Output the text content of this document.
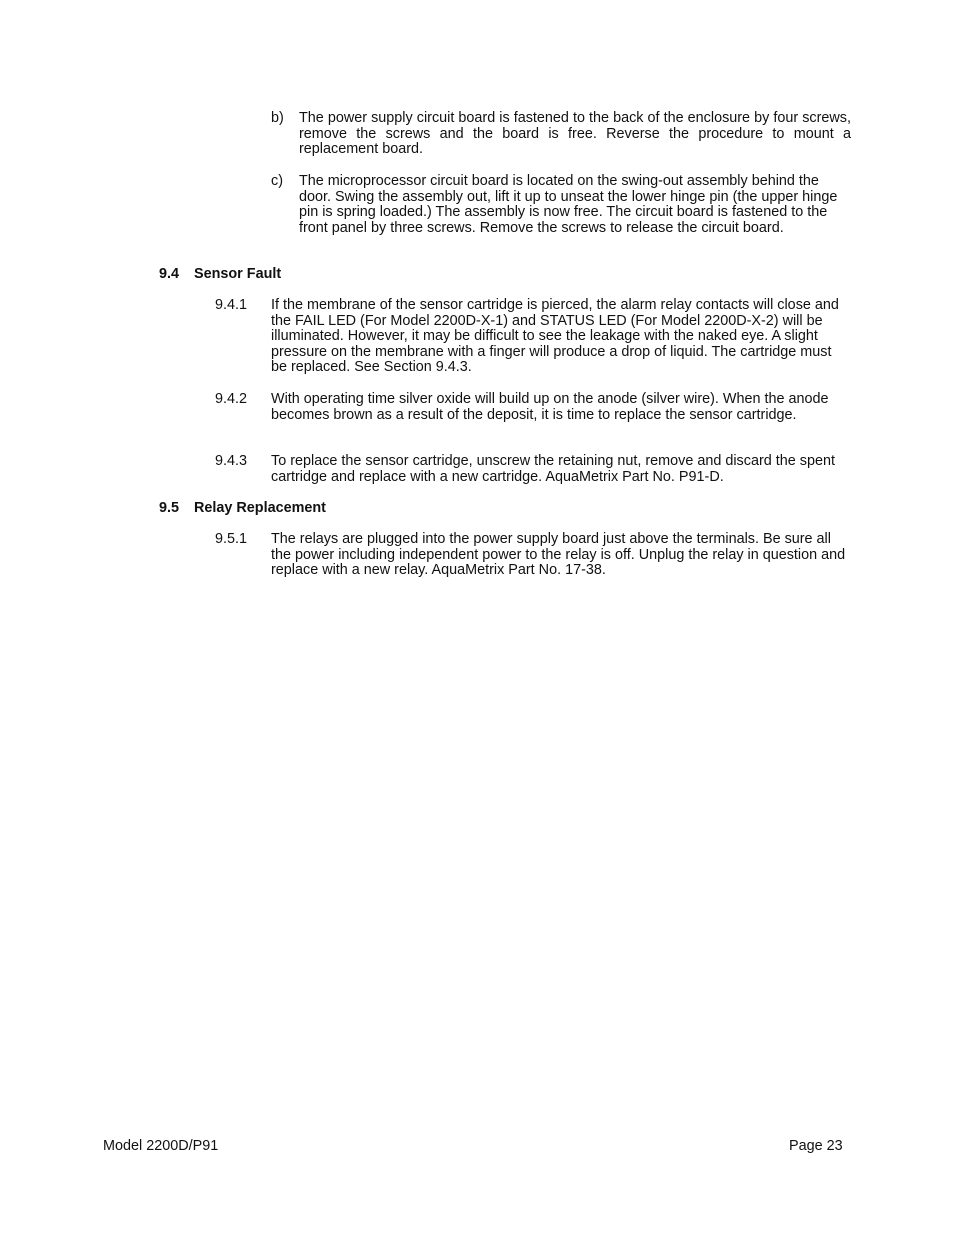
b) The power supply circuit board is fastened to the back of the enclosure by four screws, remove the screws and the board is free. Reverse the procedure to mount a replacement board.
c) The microprocessor circuit board is located on the swing-out assembly behind the door. Swing the assembly out, lift it up to unseat the lower hinge pin (the upper hinge pin is spring loaded.) The assembly is now free. The circuit board is fastened to the front panel by three screws. Remove the screws to release the circuit board.
9.4 Sensor Fault
9.4.1 If the membrane of the sensor cartridge is pierced, the alarm relay contacts will close and the FAIL LED (For Model 2200D-X-1) and STATUS LED (For Model 2200D-X-2) will be illuminated. However, it may be difficult to see the leakage with the naked eye. A slight pressure on the membrane with a finger will produce a drop of liquid. The cartridge must be replaced. See Section 9.4.3.
9.4.2 With operating time silver oxide will build up on the anode (silver wire). When the anode becomes brown as a result of the deposit, it is time to replace the sensor cartridge.
9.4.3 To replace the sensor cartridge, unscrew the retaining nut, remove and discard the spent cartridge and replace with a new cartridge. AquaMetrix Part No. P91-D.
9.5 Relay Replacement
9.5.1 The relays are plugged into the power supply board just above the terminals. Be sure all the power including independent power to the relay is off. Unplug the relay in question and replace with a new relay. AquaMetrix Part No. 17-38.
Model 2200D/P91	Page 23
